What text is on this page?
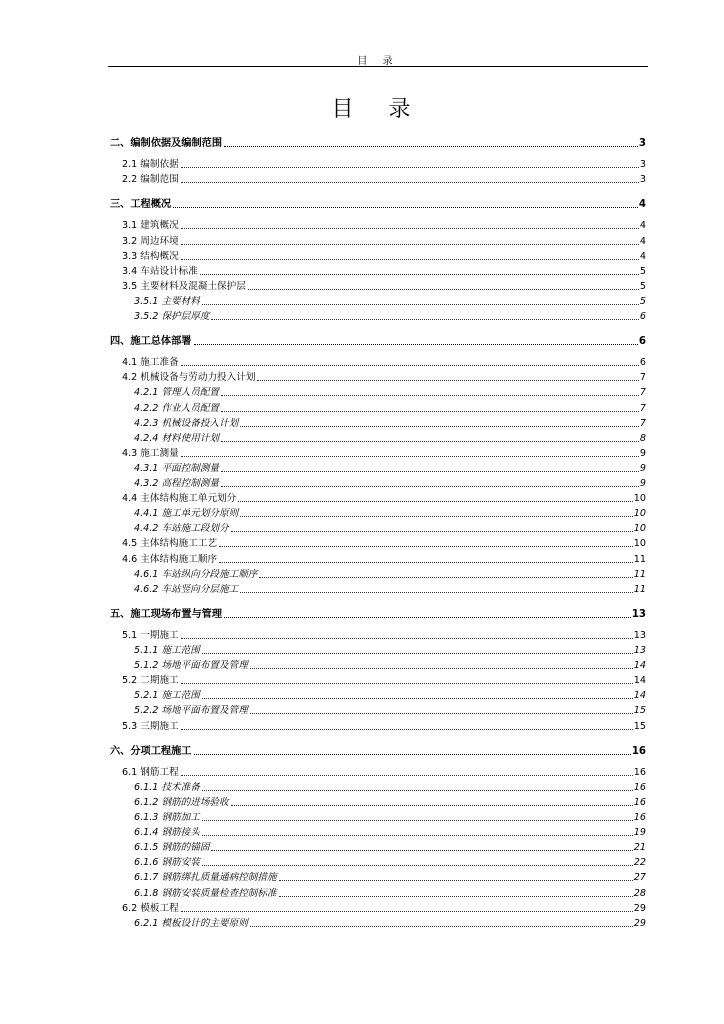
目 录
目 录
二、编制依据及编制范围	3
2.1 编制依据	3
2.2 编制范围	3
三、工程概况	4
3.1 建筑概况	4
3.2 周边环境	4
3.3 结构概况	4
3.4 车站设计标准	5
3.5 主要材料及混凝土保护层	5
3.5.1 主要材料	5
3.5.2 保护层厚度	6
四、施工总体部署	6
4.1 施工准备	6
4.2 机械设备与劳动力投入计划	7
4.2.1 管理人员配置	7
4.2.2 作业人员配置	7
4.2.3 机械设备投入计划	7
4.2.4 材料使用计划	8
4.3 施工测量	9
4.3.1 平面控制测量	9
4.3.2 高程控制测量	9
4.4 主体结构施工单元划分	10
4.4.1 施工单元划分原则	10
4.4.2 车站施工段划分	10
4.5 主体结构施工工艺	10
4.6 主体结构施工顺序	11
4.6.1 车站纵向分段施工顺序	11
4.6.2 车站竖向分层施工	11
五、施工现场布置与管理	13
5.1 一期施工	13
5.1.1 施工范围	13
5.1.2 场地平面布置及管理	14
5.2 二期施工	14
5.2.1 施工范围	14
5.2.2 场地平面布置及管理	15
5.3 三期施工	15
六、分项工程施工	16
6.1 钢筋工程	16
6.1.1 技术准备	16
6.1.2 钢筋的进场验收	16
6.1.3 钢筋加工	16
6.1.4 钢筋接头	19
6.1.5 钢筋的锚固	21
6.1.6 钢筋安装	22
6.1.7 钢筋绑扎质量通病控制措施	27
6.1.8 钢筋安装质量检查控制标准	28
6.2 模板工程	29
6.2.1 模板设计的主要原则	29
